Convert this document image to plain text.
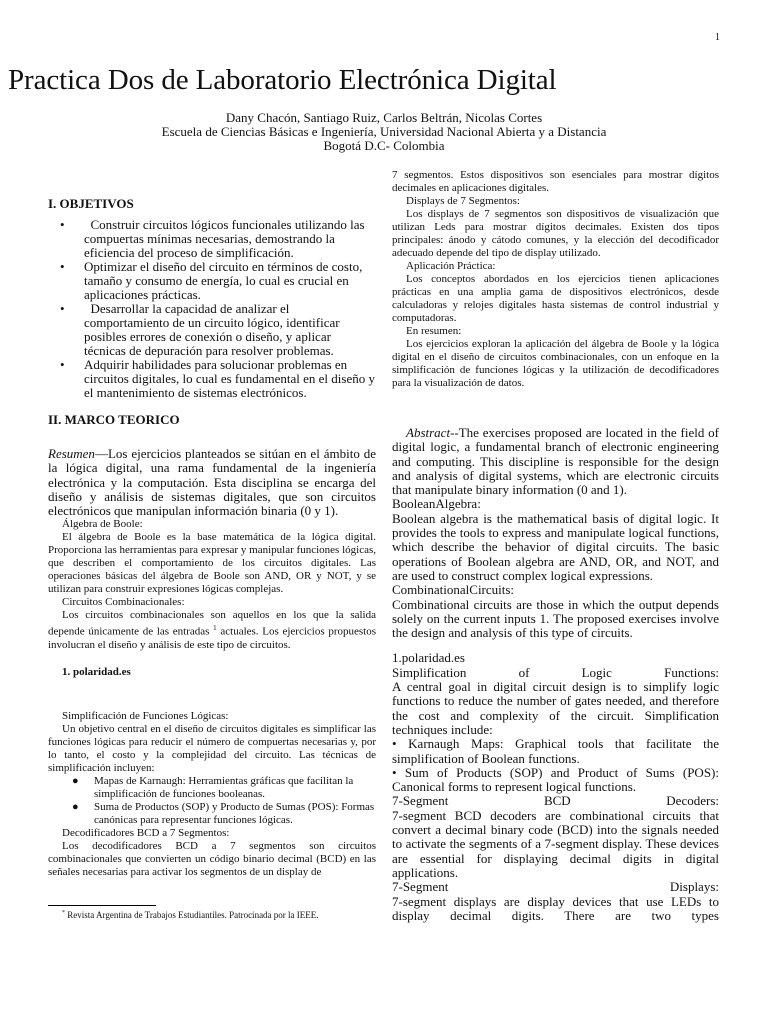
1
Practica Dos de Laboratorio Electrónica Digital
Dany Chacón, Santiago Ruiz, Carlos Beltrán, Nicolas Cortes
Escuela de Ciencias Básicas e Ingeniería, Universidad Nacional Abierta y a Distancia
Bogotá D.C- Colombia
I. OBJETIVOS
• Construir circuitos lógicos funcionales utilizando las compuertas mínimas necesarias, demostrando la eficiencia del proceso de simplificación.
• Optimizar el diseño del circuito en términos de costo, tamaño y consumo de energía, lo cual es crucial en aplicaciones prácticas.
• Desarrollar la capacidad de analizar el comportamiento de un circuito lógico, identificar posibles errores de conexión o diseño, y aplicar técnicas de depuración para resolver problemas.
• Adquirir habilidades para solucionar problemas en circuitos digitales, lo cual es fundamental en el diseño y el mantenimiento de sistemas electrónicos.
II. MARCO TEORICO

Resumen—Los ejercicios planteados se sitúan en el ámbito de la lógica digital, una rama fundamental de la ingeniería electrónica y la computación. Esta disciplina se encarga del diseño y análisis de sistemas digitales, que son circuitos electrónicos que manipulan información binaria (0 y 1).

Álgebra de Boole:

El álgebra de Boole es la base matemática de la lógica digital. Proporciona las herramientas para expresar y manipular funciones lógicas, que describen el comportamiento de los circuitos digitales. Las operaciones básicas del álgebra de Boole son AND, OR y NOT, y se utilizan para construir expresiones lógicas complejas.

Circuitos Combinacionales:

Los circuitos combinacionales son aquellos en los que la salida depende únicamente de las entradas $^1$ actuales. Los ejercicios propuestos involucran el diseño y análisis de este tipo de circuitos.

1. polaridad.es

Simplificación de Funciones Lógicas:

Un objetivo central en el diseño de circuitos digitales es simplificar las funciones lógicas para reducir el número de compuertas necesarias y, por lo tanto, el costo y la complejidad del circuito. Las técnicas de simplificación incluyen:

● Mapas de Karnaugh: Herramientas gráficas que facilitan la simplificación de funciones booleanas.
● Suma de Productos (SOP) y Producto de Sumas (POS): Formas canónicas para representar funciones lógicas.

Decodificadores BCD a 7 Segmentos:

Los decodificadores BCD a 7 segmentos son circuitos combinacionales que convierten un código binario decimal (BCD) en las señales necesarias para activar los segmentos de un display de

* Revista Argentina de Trabajos Estudiantiles. Patrocinada por la IEEE.

7 segmentos. Estos dispositivos son esenciales para mostrar dígitos decimales en aplicaciones digitales.

Displays de 7 Segmentos:

Los displays de 7 segmentos son dispositivos de visualización que utilizan Leds para mostrar dígitos decimales. Existen dos tipos principales: ánodo y cátodo comunes, y la elección del decodificador adecuado depende del tipo de display utilizado.

Aplicación Práctica:

Los conceptos abordados en los ejercicios tienen aplicaciones prácticas en una amplia gama de dispositivos electrónicos, desde calculadoras y relojes digitales hasta sistemas de control industrial y computadoras.

En resumen:

Los ejercicios exploran la aplicación del álgebra de Boole y la lógica digital en el diseño de circuitos combinacionales, con un enfoque en la simplificación de funciones lógicas y la utilización de decodificadores para la visualización de datos.

Abstract--The exercises proposed are located in the field of digital logic, a fundamental branch of electronic engineering and computing. This discipline is responsible for the design and analysis of digital systems, which are electronic circuits that manipulate binary information (0 and 1).

BooleanAlgebra:

Boolean algebra is the mathematical basis of digital logic. It provides the tools to express and manipulate logical functions, which describe the behavior of digital circuits. The basic operations of Boolean algebra are AND, OR, and NOT, and are used to construct complex logical expressions.

CombinationalCircuits:

Combinational circuits are those in which the output depends solely on the current inputs 1. The proposed exercises involve the design and analysis of this type of circuits.

1.polaridad.es

Simplification of Logic Functions:

A central goal in digital circuit design is to simplify logic functions to reduce the number of gates needed, and therefore the cost and complexity of the circuit. Simplification techniques include:

• Karnaugh Maps: Graphical tools that facilitate the simplification of Boolean functions.

• Sum of Products (SOP) and Product of Sums (POS): Canonical forms to represent logical functions.

7-Segment BCD Decoders:

7-segment BCD decoders are combinational circuits that convert a decimal binary code (BCD) into the signals needed to activate the segments of a 7-segment display. These devices are essential for displaying decimal digits in digital applications.

7-Segment Displays:

7-segment displays are display devices that use LEDs to display decimal digits. There are two types
